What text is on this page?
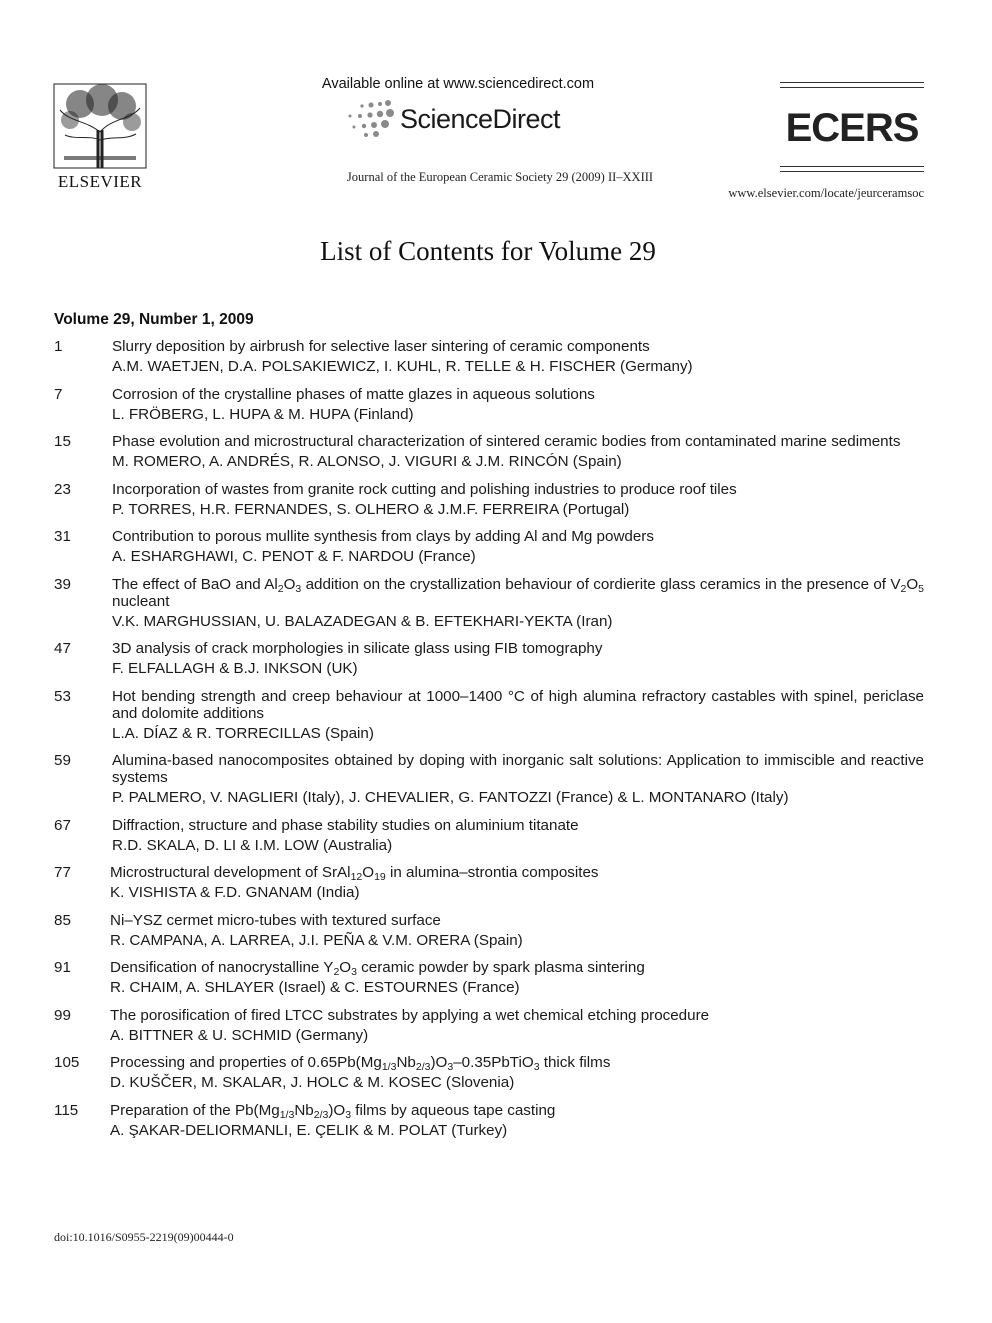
ELSEVIER
Available online at www.sciencedirect.com
ScienceDirect
Journal of the European Ceramic Society 29 (2009) II–XXIII
ECERS
www.elsevier.com/locate/jeurceramsoc
List of Contents for Volume 29
Volume 29, Number 1, 2009
1	Slurry deposition by airbrush for selective laser sintering of ceramic components

A.M. WAETJEN, D.A. POLSAKIEWICZ, I. KUHL, R. TELLE & H. FISCHER (Germany)
7	Corrosion of the crystalline phases of matte glazes in aqueous solutions

L. FRÖBERG, L. HUPA & M. HUPA (Finland)
15	Phase evolution and microstructural characterization of sintered ceramic bodies from contaminated marine sediments

M. ROMERO, A. ANDRÉS, R. ALONSO, J. VIGURI & J.M. RINCÓN (Spain)
23	Incorporation of wastes from granite rock cutting and polishing industries to produce roof tiles

P. TORRES, H.R. FERNANDES, S. OLHERO & J.M.F. FERREIRA (Portugal)
31	Contribution to porous mullite synthesis from clays by adding Al and Mg powders

A. ESHARGHAWI, C. PENOT & F. NARDOU (France)
39	The effect of BaO and $Al_2O_3$ addition on the crystallization behaviour of cordierite glass ceramics in the presence of $V_2O_5$ nucleant

V.K. MARGHUSSIAN, U. BALAZADEGAN & B. EFTEKHARI-YEKTA (Iran)
47	3D analysis of crack morphologies in silicate glass using FIB tomography

F. ELFALLAGH & B.J. INKSON (UK)
53	Hot bending strength and creep behaviour at 1000–1400 °C of high alumina refractory castables with spinel, periclase and dolomite additions

L.A. DÍAZ & R. TORRECILLAS (Spain)
59	Alumina-based nanocomposites obtained by doping with inorganic salt solutions: Application to immiscible and reactive systems

P. PALMERO, V. NAGLIERI (Italy), J. CHEVALIER, G. FANTOZZI (France) & L. MONTANARO (Italy)
67	Diffraction, structure and phase stability studies on aluminium titanate

R.D. SKALA, D. LI & I.M. LOW (Australia)
77	Microstructural development of $SrAl_{12}O_{19}$ in alumina–strontia composites

K. VISHISTA & F.D. GNANAM (India)
85	Ni–YSZ cermet micro-tubes with textured surface

R. CAMPANA, A. LARREA, J.I. PEÑA & V.M. ORERA (Spain)
91	Densification of nanocrystalline $Y_2O_3$ ceramic powder by spark plasma sintering

R. CHAIM, A. SHLAYER (Israel) & C. ESTOURNES (France)
99	The porosification of fired LTCC substrates by applying a wet chemical etching procedure

A. BITTNER & U. SCHMID (Germany)
105	Processing and properties of $0.65Pb(Mg_{1/3}Nb_{2/3})O_3-0.35PbTiO_3$ thick films

D. KUŠČER, M. SKALAR, J. HOLC & M. KOSEC (Slovenia)
115	Preparation of the $Pb(Mg_{1/3}Nb_{2/3})O_3$ films by aqueous tape casting

A. ŞAKAR-DELIORMANLI, E. ÇELIK & M. POLAT (Turkey)
doi:10.1016/S0955-2219(09)00444-0
